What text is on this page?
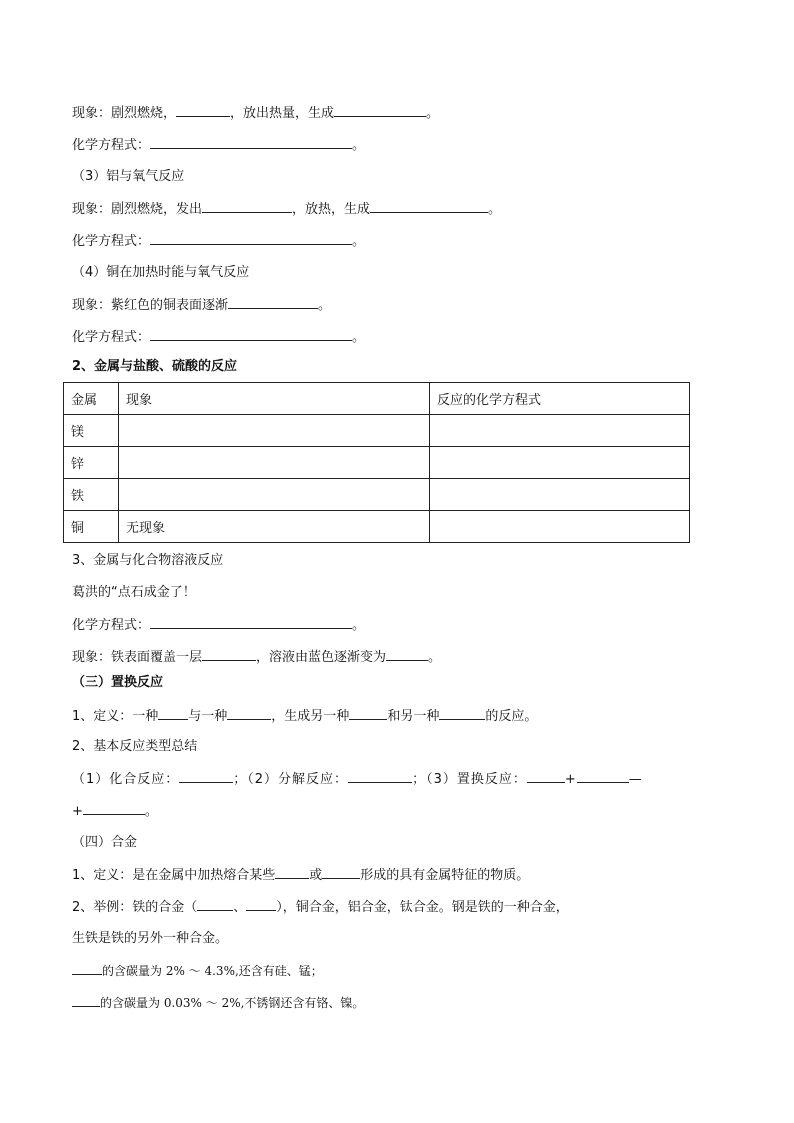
现象：剧烈燃烧，	，放出热量，生成	。
化学方程式：	。
（3）铝与氧气反应
现象：剧烈燃烧，发出	，放热，生成	。
化学方程式：	。
（4）铜在加热时能与氧气反应
现象：紫红色的铜表面逐渐	。
化学方程式：	。
2、金属与盐酸、硫酸的反应
金属	现象	反应的化学方程式
镁		
锌		
铁		
铜	无现象	
3、金属与化合物溶液反应
葛洪的“点石成金了！
化学方程式：	。
现象：铁表面覆盖一层	，溶液由蓝色逐渐变为	。
（三）置换反应
1、定义：一种 与一种	，生成另一种	和另一种	的反应。
2、基本反应类型总结
（1）化合反应：	；（2）分解反应：	；（3）置换反应：	+	—
+	。
（四）合金
1、定义：是在金属中加热熔合某些	或	形成的具有金属特征的物质。
2、举例：铁的合金（	、 ），铜合金，铝合金，钛合金。钢是铁的一种合金，
生铁是铁的另外一种合金。
的含碳量为 2% ～ 4.3%,还含有硅、锰；
的含碳量为 0.03% ～ 2%,不锈钢还含有铬、镍。
